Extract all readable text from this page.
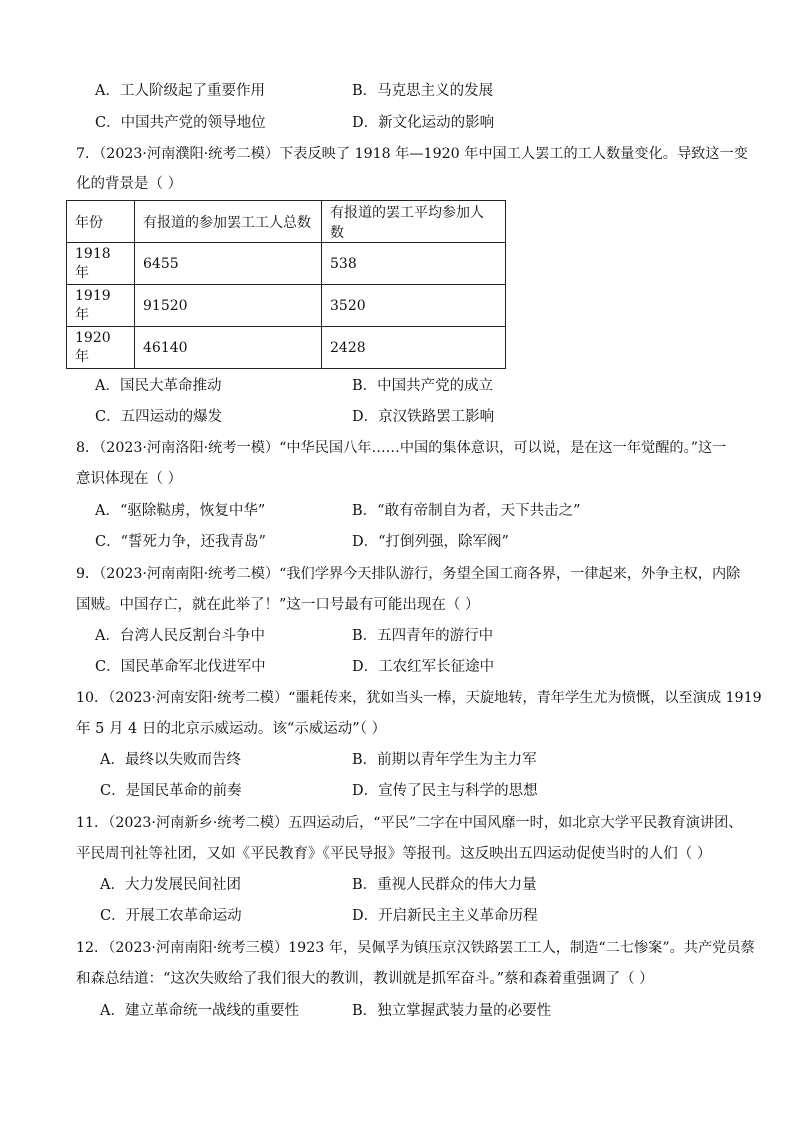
A．工人阶级起了重要作用	B．马克思主义的发展
C．中国共产党的领导地位	D．新文化运动的影响
7．（2023·河南濮阳·统考二模）下表反映了 1918 年—1920 年中国工人罢工的工人数量变化。导致这一变
化的背景是（ ）
年份	有报道的参加罢工工人总数	有报道的罢工平均参加人数
1918 年	6455	538
1919 年	91520	3520
1920 年	46140	2428
A．国民大革命推动	B．中国共产党的成立
C．五四运动的爆发	D．京汉铁路罢工影响
8．（2023·河南洛阳·统考一模）“中华民国八年……中国的集体意识，可以说，是在这一年觉醒的。”这一
意识体现在（ ）
A．“驱除鞑虏，恢复中华”	B．“敢有帝制自为者，天下共击之”
C．“誓死力争，还我青岛”	D．“打倒列强，除军阀”
9．（2023·河南南阳·统考二模）“我们学界今天排队游行，务望全国工商各界，一律起来，外争主权，内除
国贼。中国存亡，就在此举了！”这一口号最有可能出现在（ ）
A．台湾人民反割台斗争中	B．五四青年的游行中
C．国民革命军北伐进军中	D．工农红军长征途中
10．（2023·河南安阳·统考二模）“噩耗传来，犹如当头一棒，天旋地转，青年学生尤为愤慨，以至演成 1919
年 5 月 4 日的北京示威运动。该“示威运动”（ ）
A．最终以失败而告终	B．前期以青年学生为主力军
C．是国民革命的前奏	D．宣传了民主与科学的思想
11．（2023·河南新乡·统考二模）五四运动后，“平民”二字在中国风靡一时，如北京大学平民教育演讲团、
平民周刊社等社团，又如《平民教育》《平民导报》等报刊。这反映出五四运动促使当时的人们（ ）
A．大力发展民间社团	B．重视人民群众的伟大力量
C．开展工农革命运动	D．开启新民主主义革命历程
12．（2023·河南南阳·统考三模）1923 年，吴佩孚为镇压京汉铁路罢工工人，制造“二七惨案”。共产党员蔡
和森总结道：“这次失败给了我们很大的教训，教训就是抓军奋斗。”蔡和森着重强调了（ ）
A．建立革命统一战线的重要性	B．独立掌握武装力量的必要性
